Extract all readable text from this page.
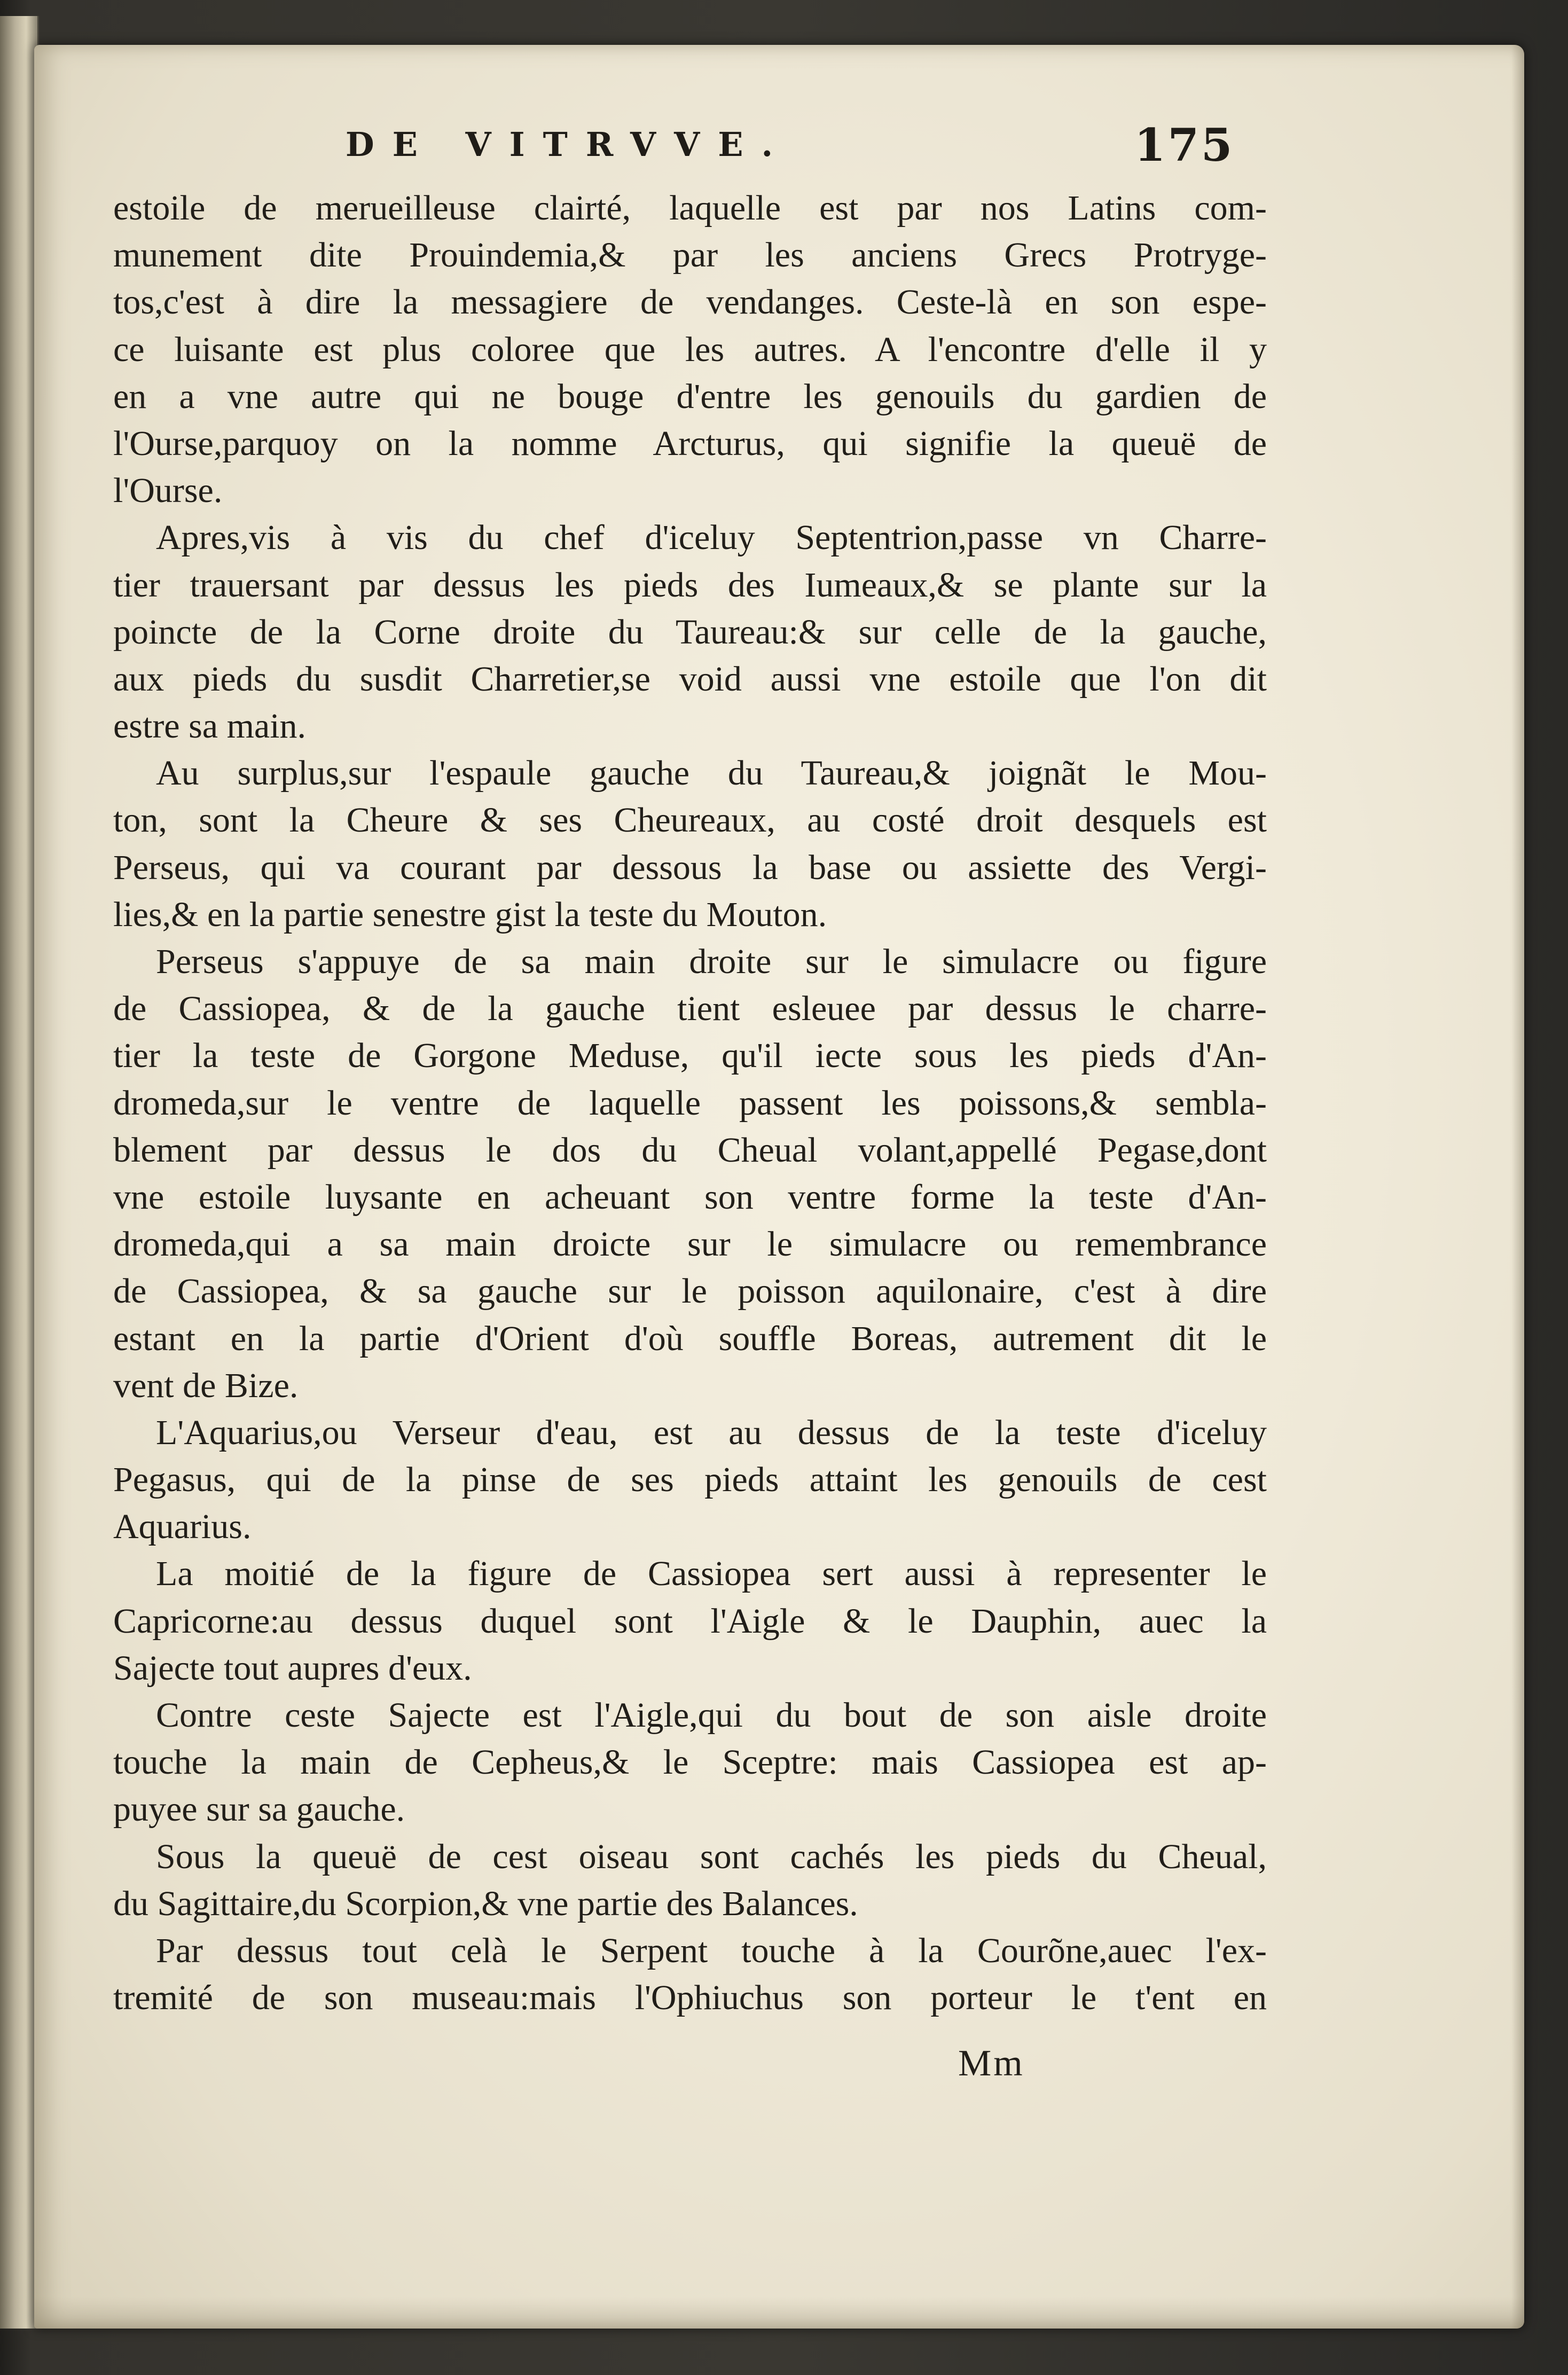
DE VITRVVE.	175
estoile de merueilleuse clairté, laquelle est par nos Latins com-
munement dite Prouindemia,& par les anciens Grecs Protryge-
tos,c'est à dire la messagiere de vendanges. Ceste-là en son espe-
ce luisante est plus coloree que les autres. A l'encontre d'elle il y
en a vne autre qui ne bouge d'entre les genouils du gardien de
l'Ourse,parquoy on la nomme Arcturus, qui signifie la queuë de
l'Ourse.
Apres,vis à vis du chef d'iceluy Septentrion,passe vn Charre-
tier trauersant par dessus les pieds des Iumeaux,& se plante sur la
poincte de la Corne droite du Taureau:& sur celle de la gauche,
aux pieds du susdit Charretier,se void aussi vne estoile que l'on dit
estre sa main.
Au surplus,sur l'espaule gauche du Taureau,& joignãt le Mou-
ton, sont la Cheure & ses Cheureaux, au costé droit desquels est
Perseus, qui va courant par dessous la base ou assiette des Vergi-
lies,& en la partie senestre gist la teste du Mouton.
Perseus s'appuye de sa main droite sur le simulacre ou figure
de Cassiopea, & de la gauche tient esleuee par dessus le charre-
tier la teste de Gorgone Meduse, qu'il iecte sous les pieds d'An-
dromeda,sur le ventre de laquelle passent les poissons,& sembla-
blement par dessus le dos du Cheual volant,appellé Pegase,dont
vne estoile luysante en acheuant son ventre forme la teste d'An-
dromeda,qui a sa main droicte sur le simulacre ou remembrance
de Cassiopea, & sa gauche sur le poisson aquilonaire, c'est à dire
estant en la partie d'Orient d'où souffle Boreas, autrement dit le
vent de Bize.
L'Aquarius,ou Verseur d'eau, est au dessus de la teste d'iceluy
Pegasus, qui de la pinse de ses pieds attaint les genouils de cest
Aquarius.
La moitié de la figure de Cassiopea sert aussi à representer le
Capricorne:au dessus duquel sont l'Aigle & le Dauphin, auec la
Sajecte tout aupres d'eux.
Contre ceste Sajecte est l'Aigle,qui du bout de son aisle droite
touche la main de Cepheus,& le Sceptre: mais Cassiopea est ap-
puyee sur sa gauche.
Sous la queuë de cest oiseau sont cachés les pieds du Cheual,
du Sagittaire,du Scorpion,& vne partie des Balances.
Par dessus tout celà le Serpent touche à la Courõne,auec l'ex-
tremité de son museau:mais l'Ophiuchus son porteur le t'ent en
Mm
